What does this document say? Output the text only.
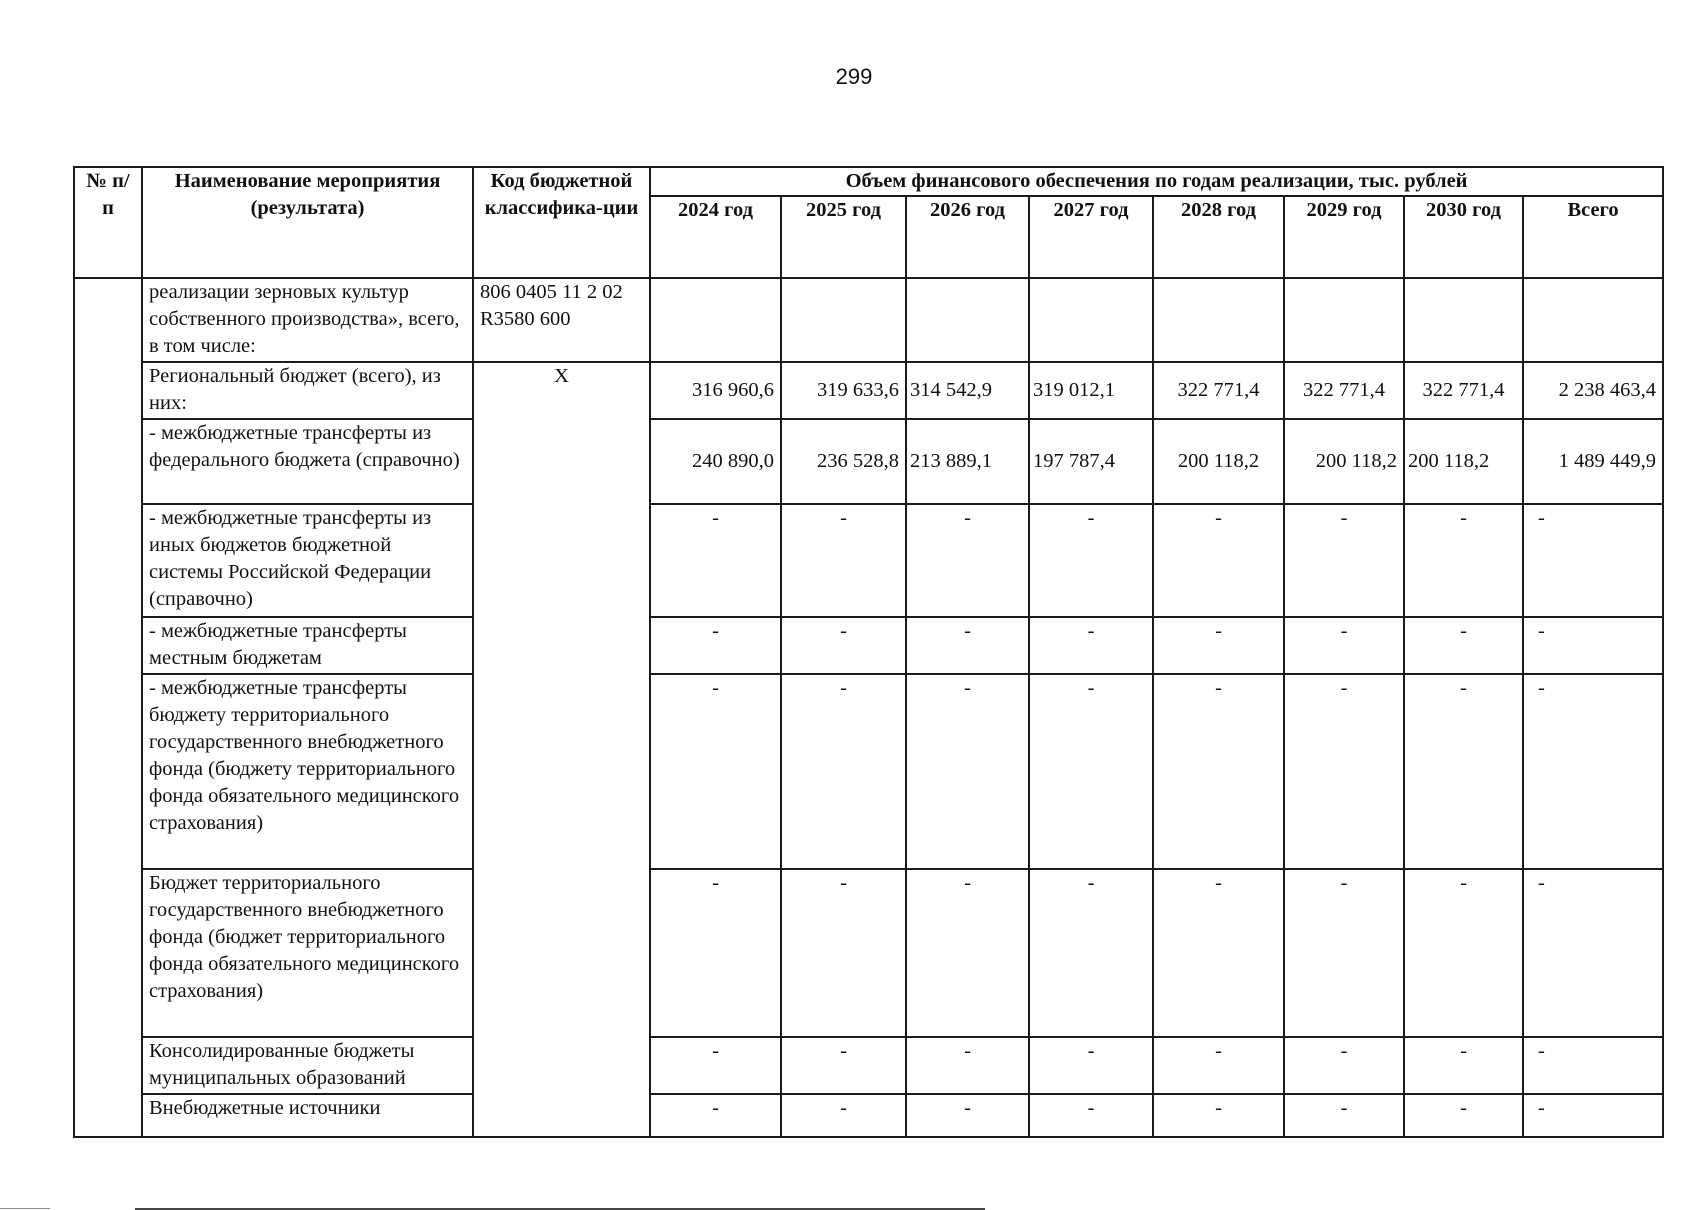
299
№ п/п	Наименование мероприятия (результата)	Код бюджетной классифика-ции	Объем финансового обеспечения по годам реализации, тыс. рублей							
			2024 год	2025 год	2026 год	2027 год	2028 год	2029 год	2030 год	Всего
	реализации зерновых культур собственного производства», всего, в том числе:	806 0405 11 2 02 R3580 600								
	Региональный бюджет (всего), из них:	X	316 960,6	319 633,6	314 542,9	319 012,1	322 771,4	322 771,4	322 771,4	2 238 463,4
	- межбюджетные трансферты из федерального бюджета (справочно)		240 890,0	236 528,8	213 889,1	197 787,4	200 118,2	200 118,2	200 118,2	1 489 449,9
	- межбюджетные трансферты из иных бюджетов бюджетной системы Российской Федерации (справочно)		-	-	-	-	-	-	-	-
	- межбюджетные трансферты местным бюджетам		-	-	-	-	-	-	-	-
	- межбюджетные трансферты бюджету территориального государственного внебюджетного фонда (бюджету территориального фонда обязательного медицинского страхования)		-	-	-	-	-	-	-	-
	Бюджет территориального государственного внебюджетного фонда (бюджет территориального фонда обязательного медицинского страхования)		-	-	-	-	-	-	-	-
	Консолидированные бюджеты муниципальных образований		-	-	-	-	-	-	-	-
	Внебюджетные источники		-	-	-	-	-	-	-	-
